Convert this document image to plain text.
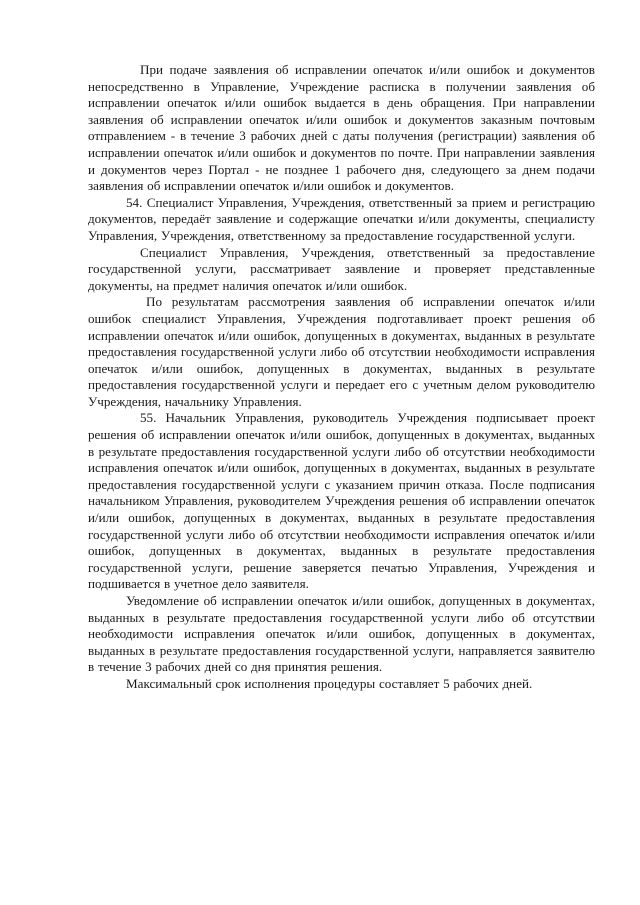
При подаче заявления об исправлении опечаток и/или ошибок и документов непосредственно в Управление, Учреждение расписка в получении заявления об исправлении опечаток и/или ошибок выдается в день обращения. При направлении заявления об исправлении опечаток и/или ошибок и документов заказным почтовым отправлением - в течение 3 рабочих дней с даты получения (регистрации) заявления об исправлении опечаток и/или ошибок и документов по почте. При направлении заявления и документов через Портал - не позднее 1 рабочего дня, следующего за днем подачи заявления об исправлении опечаток и/или ошибок и документов.

54. Специалист Управления, Учреждения, ответственный за прием и регистрацию документов, передаёт заявление и содержащие опечатки и/или документы, специалисту Управления, Учреждения, ответственному за предоставление государственной услуги.

Специалист Управления, Учреждения, ответственный за предоставление государственной услуги, рассматривает заявление и проверяет представленные документы, на предмет наличия опечаток и/или ошибок.

По результатам рассмотрения заявления об исправлении опечаток и/или ошибок специалист Управления, Учреждения подготавливает проект решения об исправлении опечаток и/или ошибок, допущенных в документах, выданных в результате предоставления государственной услуги либо об отсутствии необходимости исправления опечаток и/или ошибок, допущенных в документах, выданных в результате предоставления государственной услуги и передает его с учетным делом руководителю Учреждения, начальнику Управления.

55. Начальник Управления, руководитель Учреждения подписывает проект решения об исправлении опечаток и/или ошибок, допущенных в документах, выданных в результате предоставления государственной услуги либо об отсутствии необходимости исправления опечаток и/или ошибок, допущенных в документах, выданных в результате предоставления государственной услуги с указанием причин отказа. После подписания начальником Управления, руководителем Учреждения решения об исправлении опечаток и/или ошибок, допущенных в документах, выданных в результате предоставления государственной услуги либо об отсутствии необходимости исправления опечаток и/или ошибок, допущенных в документах, выданных в результате предоставления государственной услуги, решение заверяется печатью Управления, Учреждения и подшивается в учетное дело заявителя.

Уведомление об исправлении опечаток и/или ошибок, допущенных в документах, выданных в результате предоставления государственной услуги либо об отсутствии необходимости исправления опечаток и/или ошибок, допущенных в документах, выданных в результате предоставления государственной услуги, направляется заявителю в течение 3 рабочих дней со дня принятия решения.

Максимальный срок исполнения процедуры составляет 5 рабочих дней.
